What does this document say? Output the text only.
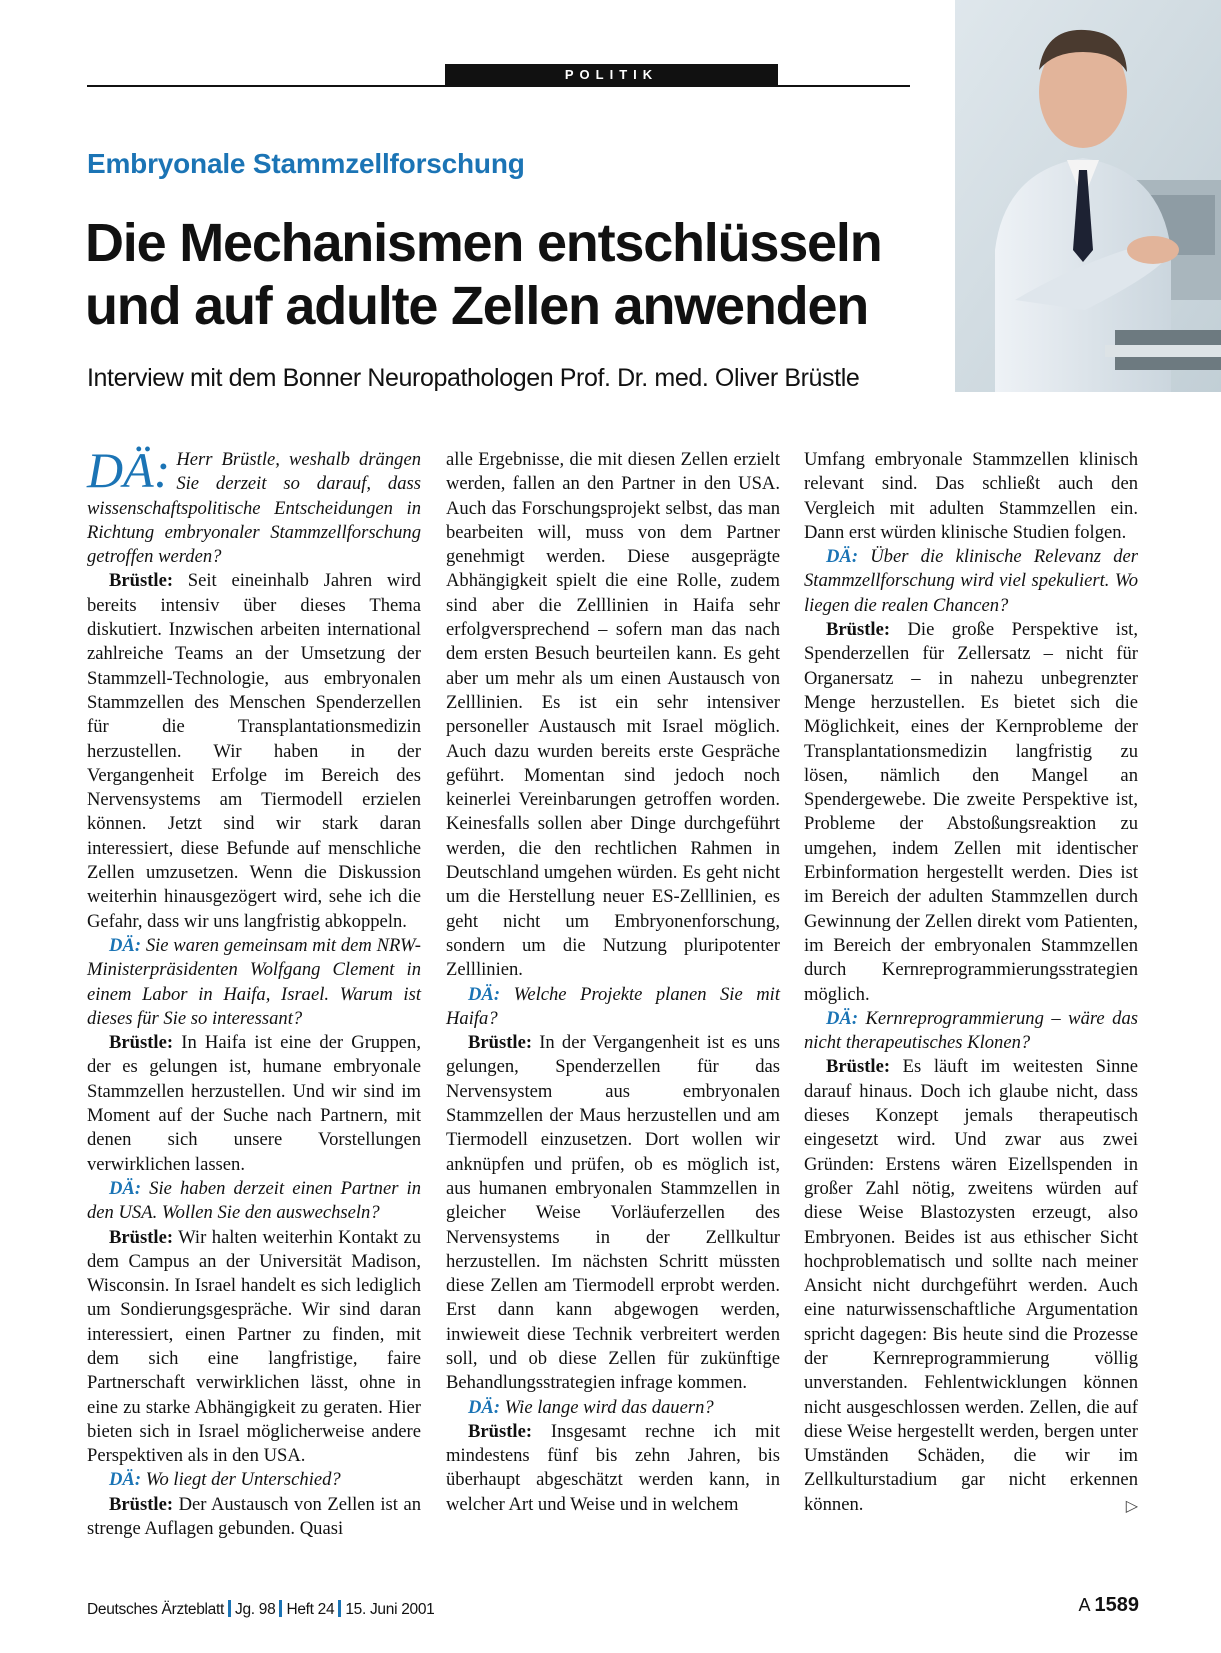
POLITIK
Embryonale Stammzellforschung
Die Mechanismen entschlüsseln
und auf adulte Zellen anwenden
Interview mit dem Bonner Neuropathologen Prof. Dr. med. Oliver Brüstle

DÄ: Herr Brüstle, weshalb drängen Sie derzeit so darauf, dass wissenschaftspolitische Entscheidungen in Richtung embryonaler Stammzellforschung getroffen werden?

Brüstle: Seit eineinhalb Jahren wird bereits intensiv über dieses Thema diskutiert. Inzwischen arbeiten international zahlreiche Teams an der Umsetzung der Stammzell-Technologie, aus embryonalen Stammzellen des Menschen Spenderzellen für die Transplantationsmedizin herzustellen. Wir haben in der Vergangenheit Erfolge im Bereich des Nervensystems am Tiermodell erzielen können. Jetzt sind wir stark daran interessiert, diese Befunde auf menschliche Zellen umzusetzen. Wenn die Diskussion weiterhin hinausgezögert wird, sehe ich die Gefahr, dass wir uns langfristig abkoppeln.

DÄ: Sie waren gemeinsam mit dem NRW-Ministerpräsidenten Wolfgang Clement in einem Labor in Haifa, Israel. Warum ist dieses für Sie so interessant?

Brüstle: In Haifa ist eine der Gruppen, der es gelungen ist, humane embryonale Stammzellen herzustellen. Und wir sind im Moment auf der Suche nach Partnern, mit denen sich unsere Vorstellungen verwirklichen lassen.

DÄ: Sie haben derzeit einen Partner in den USA. Wollen Sie den auswechseln?

Brüstle: Wir halten weiterhin Kontakt zu dem Campus an der Universität Madison, Wisconsin. In Israel handelt es sich lediglich um Sondierungsgespräche. Wir sind daran interessiert, einen Partner zu finden, mit dem sich eine langfristige, faire Partnerschaft verwirklichen lässt, ohne in eine zu starke Abhängigkeit zu geraten. Hier bieten sich in Israel möglicherweise andere Perspektiven als in den USA.

DÄ: Wo liegt der Unterschied?

Brüstle: Der Austausch von Zellen ist an strenge Auflagen gebunden. Quasi

alle Ergebnisse, die mit diesen Zellen erzielt werden, fallen an den Partner in den USA. Auch das Forschungsprojekt selbst, das man bearbeiten will, muss von dem Partner genehmigt werden. Diese ausgeprägte Abhängigkeit spielt die eine Rolle, zudem sind aber die Zelllinien in Haifa sehr erfolgversprechend – sofern man das nach dem ersten Besuch beurteilen kann. Es geht aber um mehr als um einen Austausch von Zelllinien. Es ist ein sehr intensiver personeller Austausch mit Israel möglich. Auch dazu wurden bereits erste Gespräche geführt. Momentan sind jedoch noch keinerlei Vereinbarungen getroffen worden. Keinesfalls sollen aber Dinge durchgeführt werden, die den rechtlichen Rahmen in Deutschland umgehen würden. Es geht nicht um die Herstellung neuer ES-Zelllinien, es geht nicht um Embryonenforschung, sondern um die Nutzung pluripotenter Zelllinien.

DÄ: Welche Projekte planen Sie mit Haifa?

Brüstle: In der Vergangenheit ist es uns gelungen, Spenderzellen für das Nervensystem aus embryonalen Stammzellen der Maus herzustellen und am Tiermodell einzusetzen. Dort wollen wir anknüpfen und prüfen, ob es möglich ist, aus humanen embryonalen Stammzellen in gleicher Weise Vorläuferzellen des Nervensystems in der Zellkultur herzustellen. Im nächsten Schritt müssten diese Zellen am Tiermodell erprobt werden. Erst dann kann abgewogen werden, inwieweit diese Technik verbreitert werden soll, und ob diese Zellen für zukünftige Behandlungsstrategien infrage kommen.

DÄ: Wie lange wird das dauern?

Brüstle: Insgesamt rechne ich mit mindestens fünf bis zehn Jahren, bis überhaupt abgeschätzt werden kann, in welcher Art und Weise und in welchem

Umfang embryonale Stammzellen klinisch relevant sind. Das schließt auch den Vergleich mit adulten Stammzellen ein. Dann erst würden klinische Studien folgen.

DÄ: Über die klinische Relevanz der Stammzellforschung wird viel spekuliert. Wo liegen die realen Chancen?

Brüstle: Die große Perspektive ist, Spenderzellen für Zellersatz – nicht für Organersatz – in nahezu unbegrenzter Menge herzustellen. Es bietet sich die Möglichkeit, eines der Kernprobleme der Transplantationsmedizin langfristig zu lösen, nämlich den Mangel an Spendergewebe. Die zweite Perspektive ist, Probleme der Abstoßungsreaktion zu umgehen, indem Zellen mit identischer Erbinformation hergestellt werden. Dies ist im Bereich der adulten Stammzellen durch Gewinnung der Zellen direkt vom Patienten, im Bereich der embryonalen Stammzellen durch Kernreprogrammierungsstrategien möglich.

DÄ: Kernreprogrammierung – wäre das nicht therapeutisches Klonen?

Brüstle: Es läuft im weitesten Sinne darauf hinaus. Doch ich glaube nicht, dass dieses Konzept jemals therapeutisch eingesetzt wird. Und zwar aus zwei Gründen: Erstens wären Eizellspenden in großer Zahl nötig, zweitens würden auf diese Weise Blastozysten erzeugt, also Embryonen. Beides ist aus ethischer Sicht hochproblematisch und sollte nach meiner Ansicht nicht durchgeführt werden. Auch eine naturwissenschaftliche Argumentation spricht dagegen: Bis heute sind die Prozesse der Kernreprogrammierung völlig unverstanden. Fehlentwicklungen können nicht ausgeschlossen werden. Zellen, die auf diese Weise hergestellt werden, bergen unter Umständen Schäden, die wir im Zellkulturstadium gar nicht erkennen können.	▷

Deutsches Ärzteblatt Jg. 98 Heft 24 15. Juni 2001	A 1589
